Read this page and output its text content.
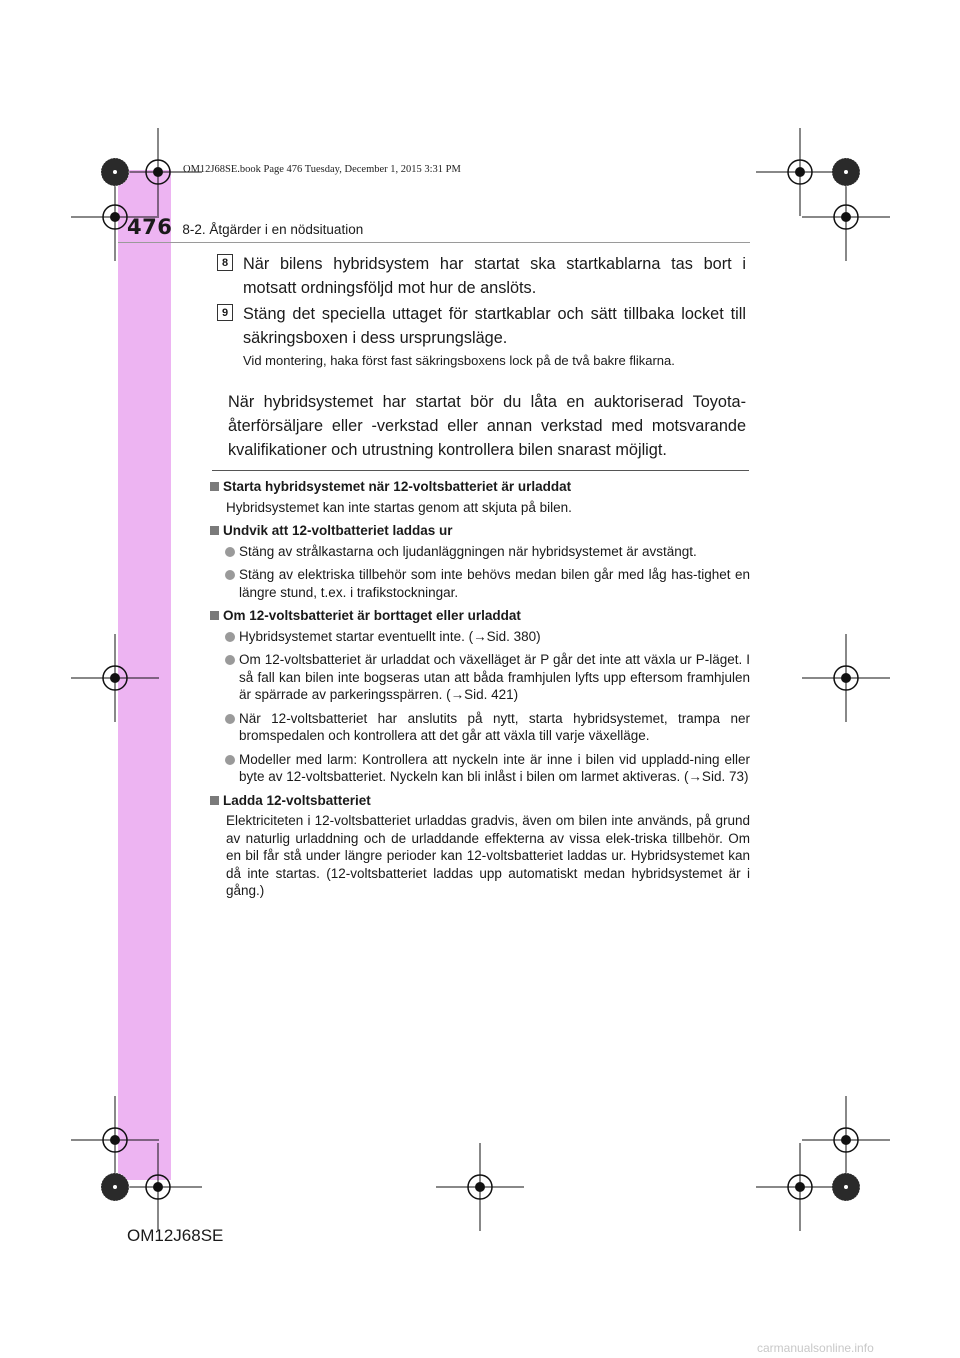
OM12J68SE.book Page 476 Tuesday, December 1, 2015 3:31 PM
476 8-2. Åtgärder i en nödsituation
8 När bilens hybridsystem har startat ska startkablarna tas bort i motsatt ordningsföljd mot hur de anslöts.
9 Stäng det speciella uttaget för startkablar och sätt tillbaka locket till säkringsboxen i dess ursprungsläge.
Vid montering, haka först fast säkringsboxens lock på de två bakre flikarna.
När hybridsystemet har startat bör du låta en auktoriserad Toyota-återförsäljare eller -verkstad eller annan verkstad med motsvarande kvalifikationer och utrustning kontrollera bilen snarast möjligt.
Starta hybridsystemet när 12-voltsbatteriet är urladdat
Hybridsystemet kan inte startas genom att skjuta på bilen.
Undvik att 12-voltbatteriet laddas ur
Stäng av strålkastarna och ljudanläggningen när hybridsystemet är avstängt.
Stäng av elektriska tillbehör som inte behövs medan bilen går med låg has-tighet en längre stund, t.ex. i trafikstockningar.
Om 12-voltsbatteriet är borttaget eller urladdat
Hybridsystemet startar eventuellt inte. (→Sid. 380)
Om 12-voltsbatteriet är urladdat och växelläget är P går det inte att växla ur P-läget. I så fall kan bilen inte bogseras utan att båda framhjulen lyfts upp eftersom framhjulen är spärrade av parkeringsspärren. (→Sid. 421)
När 12-voltsbatteriet har anslutits på nytt, starta hybridsystemet, trampa ner bromspedalen och kontrollera att det går att växla till varje växelläge.
Modeller med larm: Kontrollera att nyckeln inte är inne i bilen vid uppladd-ning eller byte av 12-voltsbatteriet. Nyckeln kan bli inlåst i bilen om larmet aktiveras. (→Sid. 73)
Ladda 12-voltsbatteriet
Elektriciteten i 12-voltsbatteriet urladdas gradvis, även om bilen inte används, på grund av naturlig urladdning och de urladdande effekterna av vissa elek-triska tillbehör. Om en bil får stå under längre perioder kan 12-voltsbatteriet laddas ur. Hybridsystemet kan då inte startas. (12-voltsbatteriet laddas upp automatiskt medan hybridsystemet är i gång.)
OM12J68SE
carmanualsonline.info
